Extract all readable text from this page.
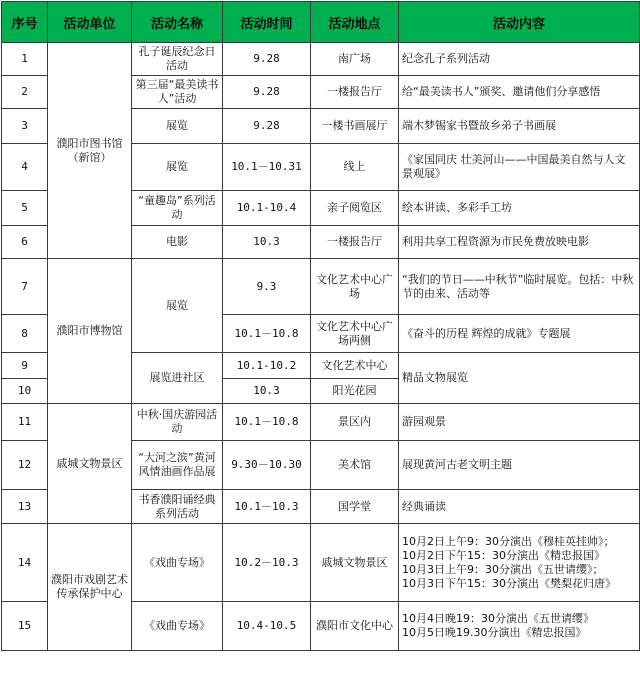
序号	活动单位	活动名称	活动时间	活动地点	活动内容
1	濮阳市图书馆（新馆）	孔子诞辰纪念日活动	9.28	南广场	纪念孔子系列活动
2		第三届“最美读书人”活动	9.28	一楼报告厅	给“最美读书人”颁奖、邀请他们分享感悟
3		展览	9.28	一楼书画展厅	端木梦锡家书暨故乡弟子书画展
4		展览	10.1－10.31	线上	《家国同庆 壮美河山——中国最美自然与人文景观展》
5		“童趣岛”系列活动	10.1-10.4	亲子阅览区	绘本讲读、多彩手工坊
6		电影	10.3	一楼报告厅	利用共享工程资源为市民免费放映电影
7	濮阳市博物馆	展览	9.3	文化艺术中心广场	“我们的节日——中秋节”临时展览。包括：中秋节的由来、活动等
8			10.1－10.8	文化艺术中心广场两侧	《奋斗的历程 辉煌的成就》专题展
9		展览进社区	10.1-10.2	文化艺术中心	精品文物展览
10			10.3	阳光花园	
11	戚城文物景区	中秋·国庆游园活动	10.1－10.8	景区内	游园观景
12		“大河之滨”黄河风情油画作品展	9.30－10.30	美术馆	展现黄河古老文明主题
13		书香濮阳诵经典系列活动	10.1－10.3	国学堂	经典诵读
14	濮阳市戏剧艺术传承保护中心	《戏曲专场》	10.2－10.3	戚城文物景区	10月2日上午9：30分演出《穆桂英挂帅》；
10月2日下午15：30分演出《精忠报国》
10月3日上午9：30分演出《五世请缨》；
10月3日下午15：30分演出《樊梨花归唐》

15		《戏曲专场》	10.4-10.5	濮阳市文化中心	10月4日晚19：30分演出《五世请缨》
10月5日晚19.30分演出《精忠报国》
